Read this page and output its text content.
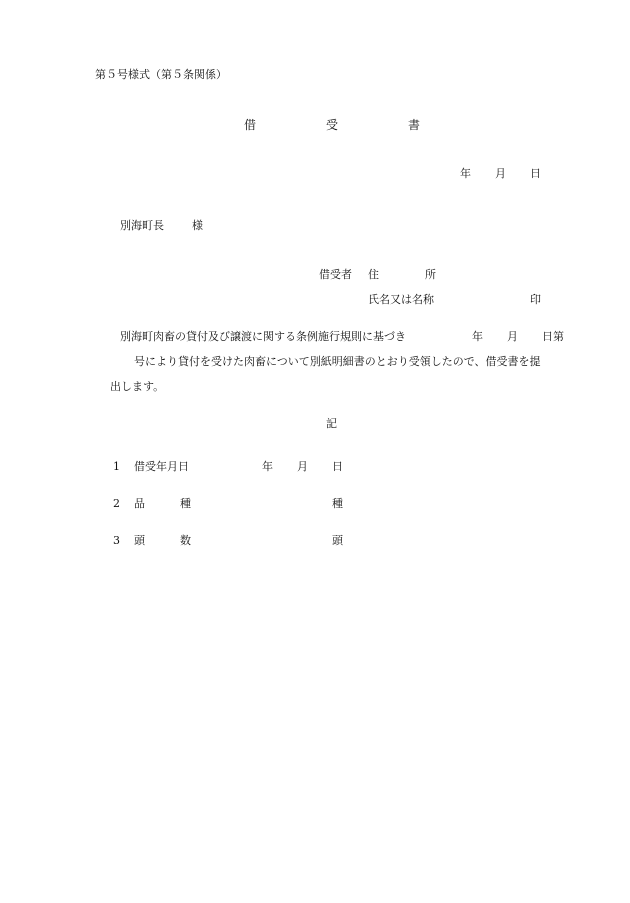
第５号様式（第５条関係）
借	受	書
年 月 日
別海町長	様
借受者 住	所
氏名又は名称	印
別海町肉畜の貸付及び譲渡に関する条例施行規則に基づき	年 月 日第
号により貸付を受けた肉畜について別紙明細書のとおり受領したので、借受書を提
出します。
記
1 借受年月日	年 月 日
2 品	種	種
3 頭	数	頭
